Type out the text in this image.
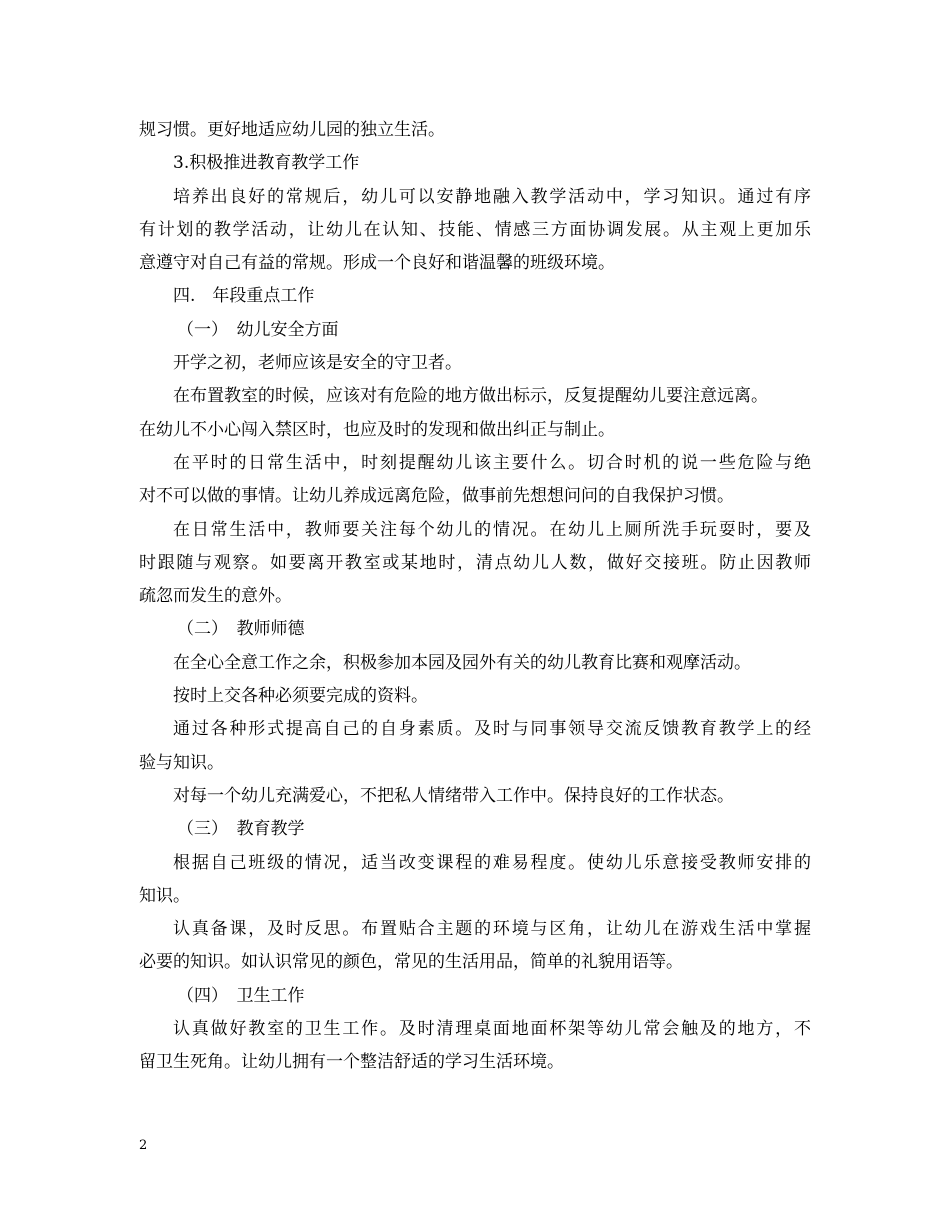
规习惯。更好地适应幼儿园的独立生活。
3.积极推进教育教学工作
培养出良好的常规后，幼儿可以安静地融入教学活动中，学习知识。通过有序
有计划的教学活动，让幼儿在认知、技能、情感三方面协调发展。从主观上更加乐
意遵守对自己有益的常规。形成一个良好和谐温馨的班级环境。
四.　年段重点工作
（一）　幼儿安全方面
开学之初，老师应该是安全的守卫者。
在布置教室的时候，应该对有危险的地方做出标示，反复提醒幼儿要注意远离。
在幼儿不小心闯入禁区时，也应及时的发现和做出纠正与制止。
在平时的日常生活中，时刻提醒幼儿该主要什么。切合时机的说一些危险与绝
对不可以做的事情。让幼儿养成远离危险，做事前先想想问问的自我保护习惯。
在日常生活中，教师要关注每个幼儿的情况。在幼儿上厕所洗手玩耍时，要及
时跟随与观察。如要离开教室或某地时，清点幼儿人数，做好交接班。防止因教师
疏忽而发生的意外。
（二）　教师师德
在全心全意工作之余，积极参加本园及园外有关的幼儿教育比赛和观摩活动。
按时上交各种必须要完成的资料。
通过各种形式提高自己的自身素质。及时与同事领导交流反馈教育教学上的经
验与知识。
对每一个幼儿充满爱心，不把私人情绪带入工作中。保持良好的工作状态。
（三）　教育教学
根据自己班级的情况，适当改变课程的难易程度。使幼儿乐意接受教师安排的
知识。
认真备课，及时反思。布置贴合主题的环境与区角，让幼儿在游戏生活中掌握
必要的知识。如认识常见的颜色，常见的生活用品，简单的礼貌用语等。
（四）　卫生工作
认真做好教室的卫生工作。及时清理桌面地面杯架等幼儿常会触及的地方，不
留卫生死角。让幼儿拥有一个整洁舒适的学习生活环境。
2
